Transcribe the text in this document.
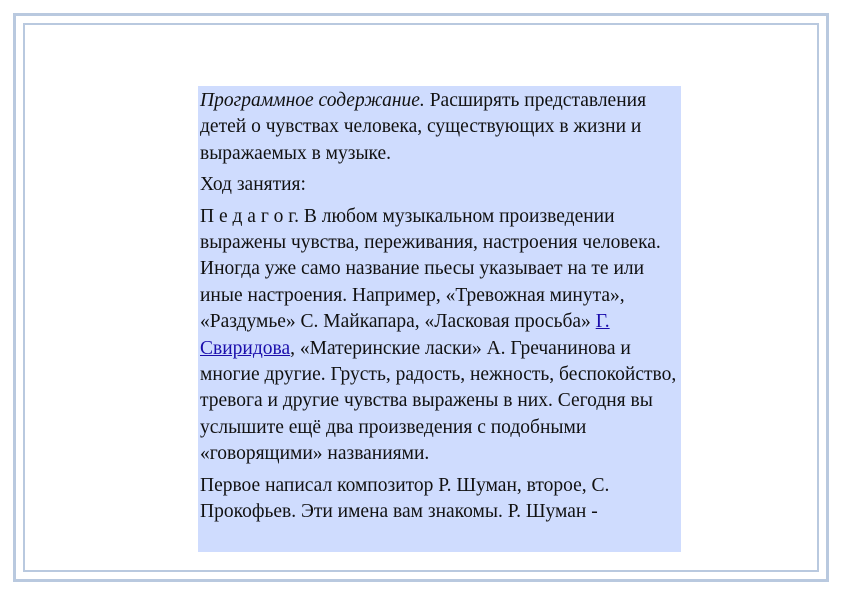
Программное содержание. Расширять представления детей о чувствах человека, существующих в жизни и выражаемых в музыке.

Ход занятия:

П е д а г о г. В любом музыкальном произведении выражены чувства, переживания, настроения человека. Иногда уже само название пьесы указывает на те или иные настроения. Например, «Тревожная минута», «Раздумье» С. Майкапара, «Ласковая просьба» Г. Свиридова, «Материнские ласки» А. Гречанинова и многие другие. Грусть, радость, нежность, беспокойство, тревога и другие чувства выражены в них. Сегодня вы услышите ещё два произведения с подобными «говорящими» названиями.

Первое написал композитор Р. Шуман, второе, С. Прокофьев. Эти имена вам знакомы. Р. Шуман -
